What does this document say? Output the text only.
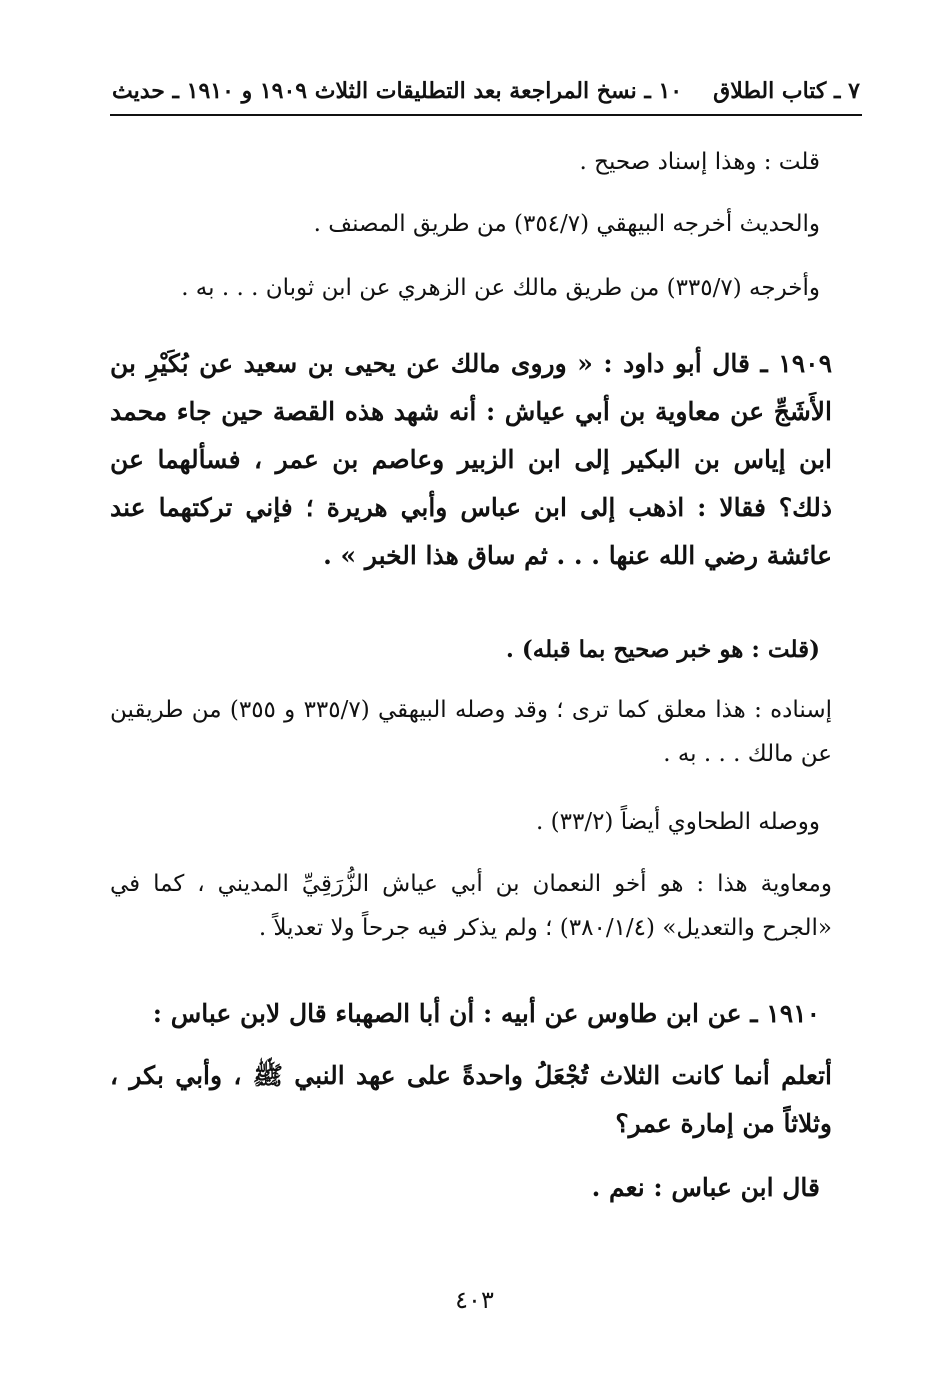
٧ ـ كتاب الطلاق
١٠ ـ نسخ المراجعة بعد التطليقات الثلاث ١٩٠٩ و ١٩١٠ ـ حديث
قلت : وهذا إسناد صحيح .
والحديث أخرجه البيهقي (٣٥٤/٧) من طريق المصنف .
وأخرجه (٣٣٥/٧) من طريق مالك عن الزهري عن ابن ثوبان . . . به .
١٩٠٩ ـ قال أبو داود : « وروى مالك عن يحيى بن سعيد عن بُكَيْرِ بن الأَشَجِّ عن معاوية بن أبي عياش : أنه شهد هذه القصة حين جاء محمد ابن إياس بن البكير إلى ابن الزبير وعاصم بن عمر ، فسألهما عن ذلك؟ فقالا : اذهب إلى ابن عباس وأبي هريرة ؛ فإني تركتهما عند عائشة رضي الله عنها . . . ثم ساق هذا الخبر » .
(قلت : هو خبر صحيح بما قبله) .
إسناده : هذا معلق كما ترى ؛ وقد وصله البيهقي (٣٣٥/٧ و ٣٥٥) من طريقين عن مالك . . . به .
ووصله الطحاوي أيضاً (٣٣/٢) .
ومعاوية هذا : هو أخو النعمان بن أبي عياش الزُّرَقِيِّ المديني ، كما في «الجرح والتعديل» (٣٨٠/١/٤) ؛ ولم يذكر فيه جرحاً ولا تعديلاً .
١٩١٠ ـ عن ابن طاوس عن أبيه : أن أبا الصهباء قال لابن عباس :
أتعلم أنما كانت الثلاث تُجْعَلُ واحدةً على عهد النبي ﷺ ، وأبي بكر ، وثلاثاً من إمارة عمر؟
قال ابن عباس : نعم .
٤٠٣
